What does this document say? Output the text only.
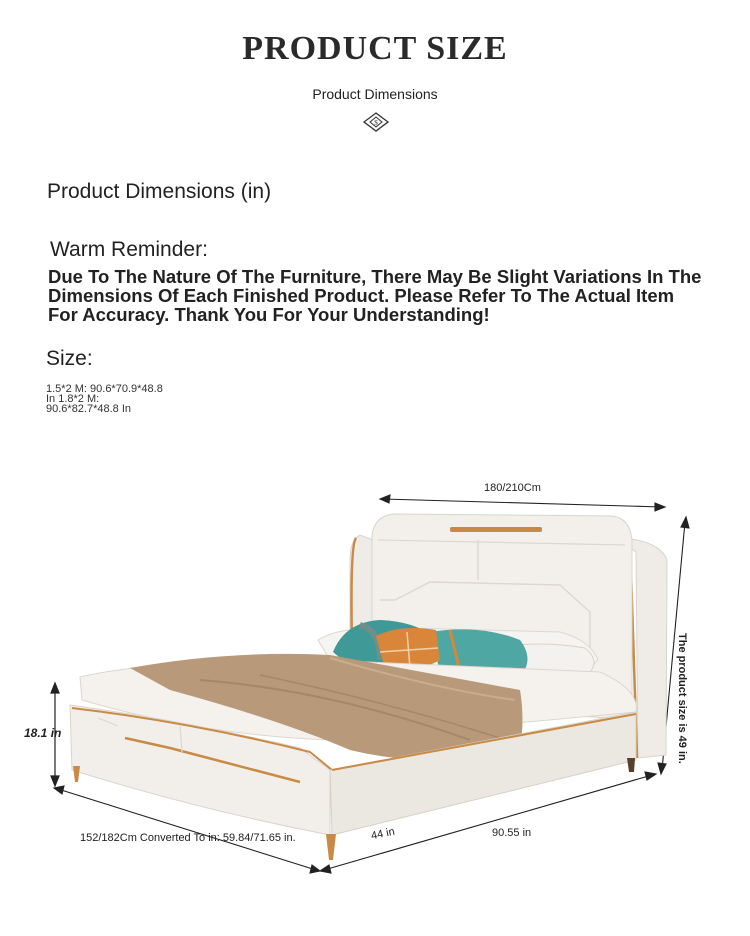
PRODUCT SIZE
Product Dimensions
$
Product Dimensions (in)
Warm Reminder:
Due To The Nature Of The Furniture, There May Be Slight Variations In The Dimensions Of Each Finished Product. Please Refer To The Actual Item For Accuracy. Thank You For Your Understanding!
Size:
1.5*2 M: 90.6*70.9*48.8
In 1.8*2 M:
90.6*82.7*48.8 In
180/210Cm
The product size is 49 in.
18.1 in
152/182Cm Converted To in: 59.84/71.65 in.	44 in	90.55 in
